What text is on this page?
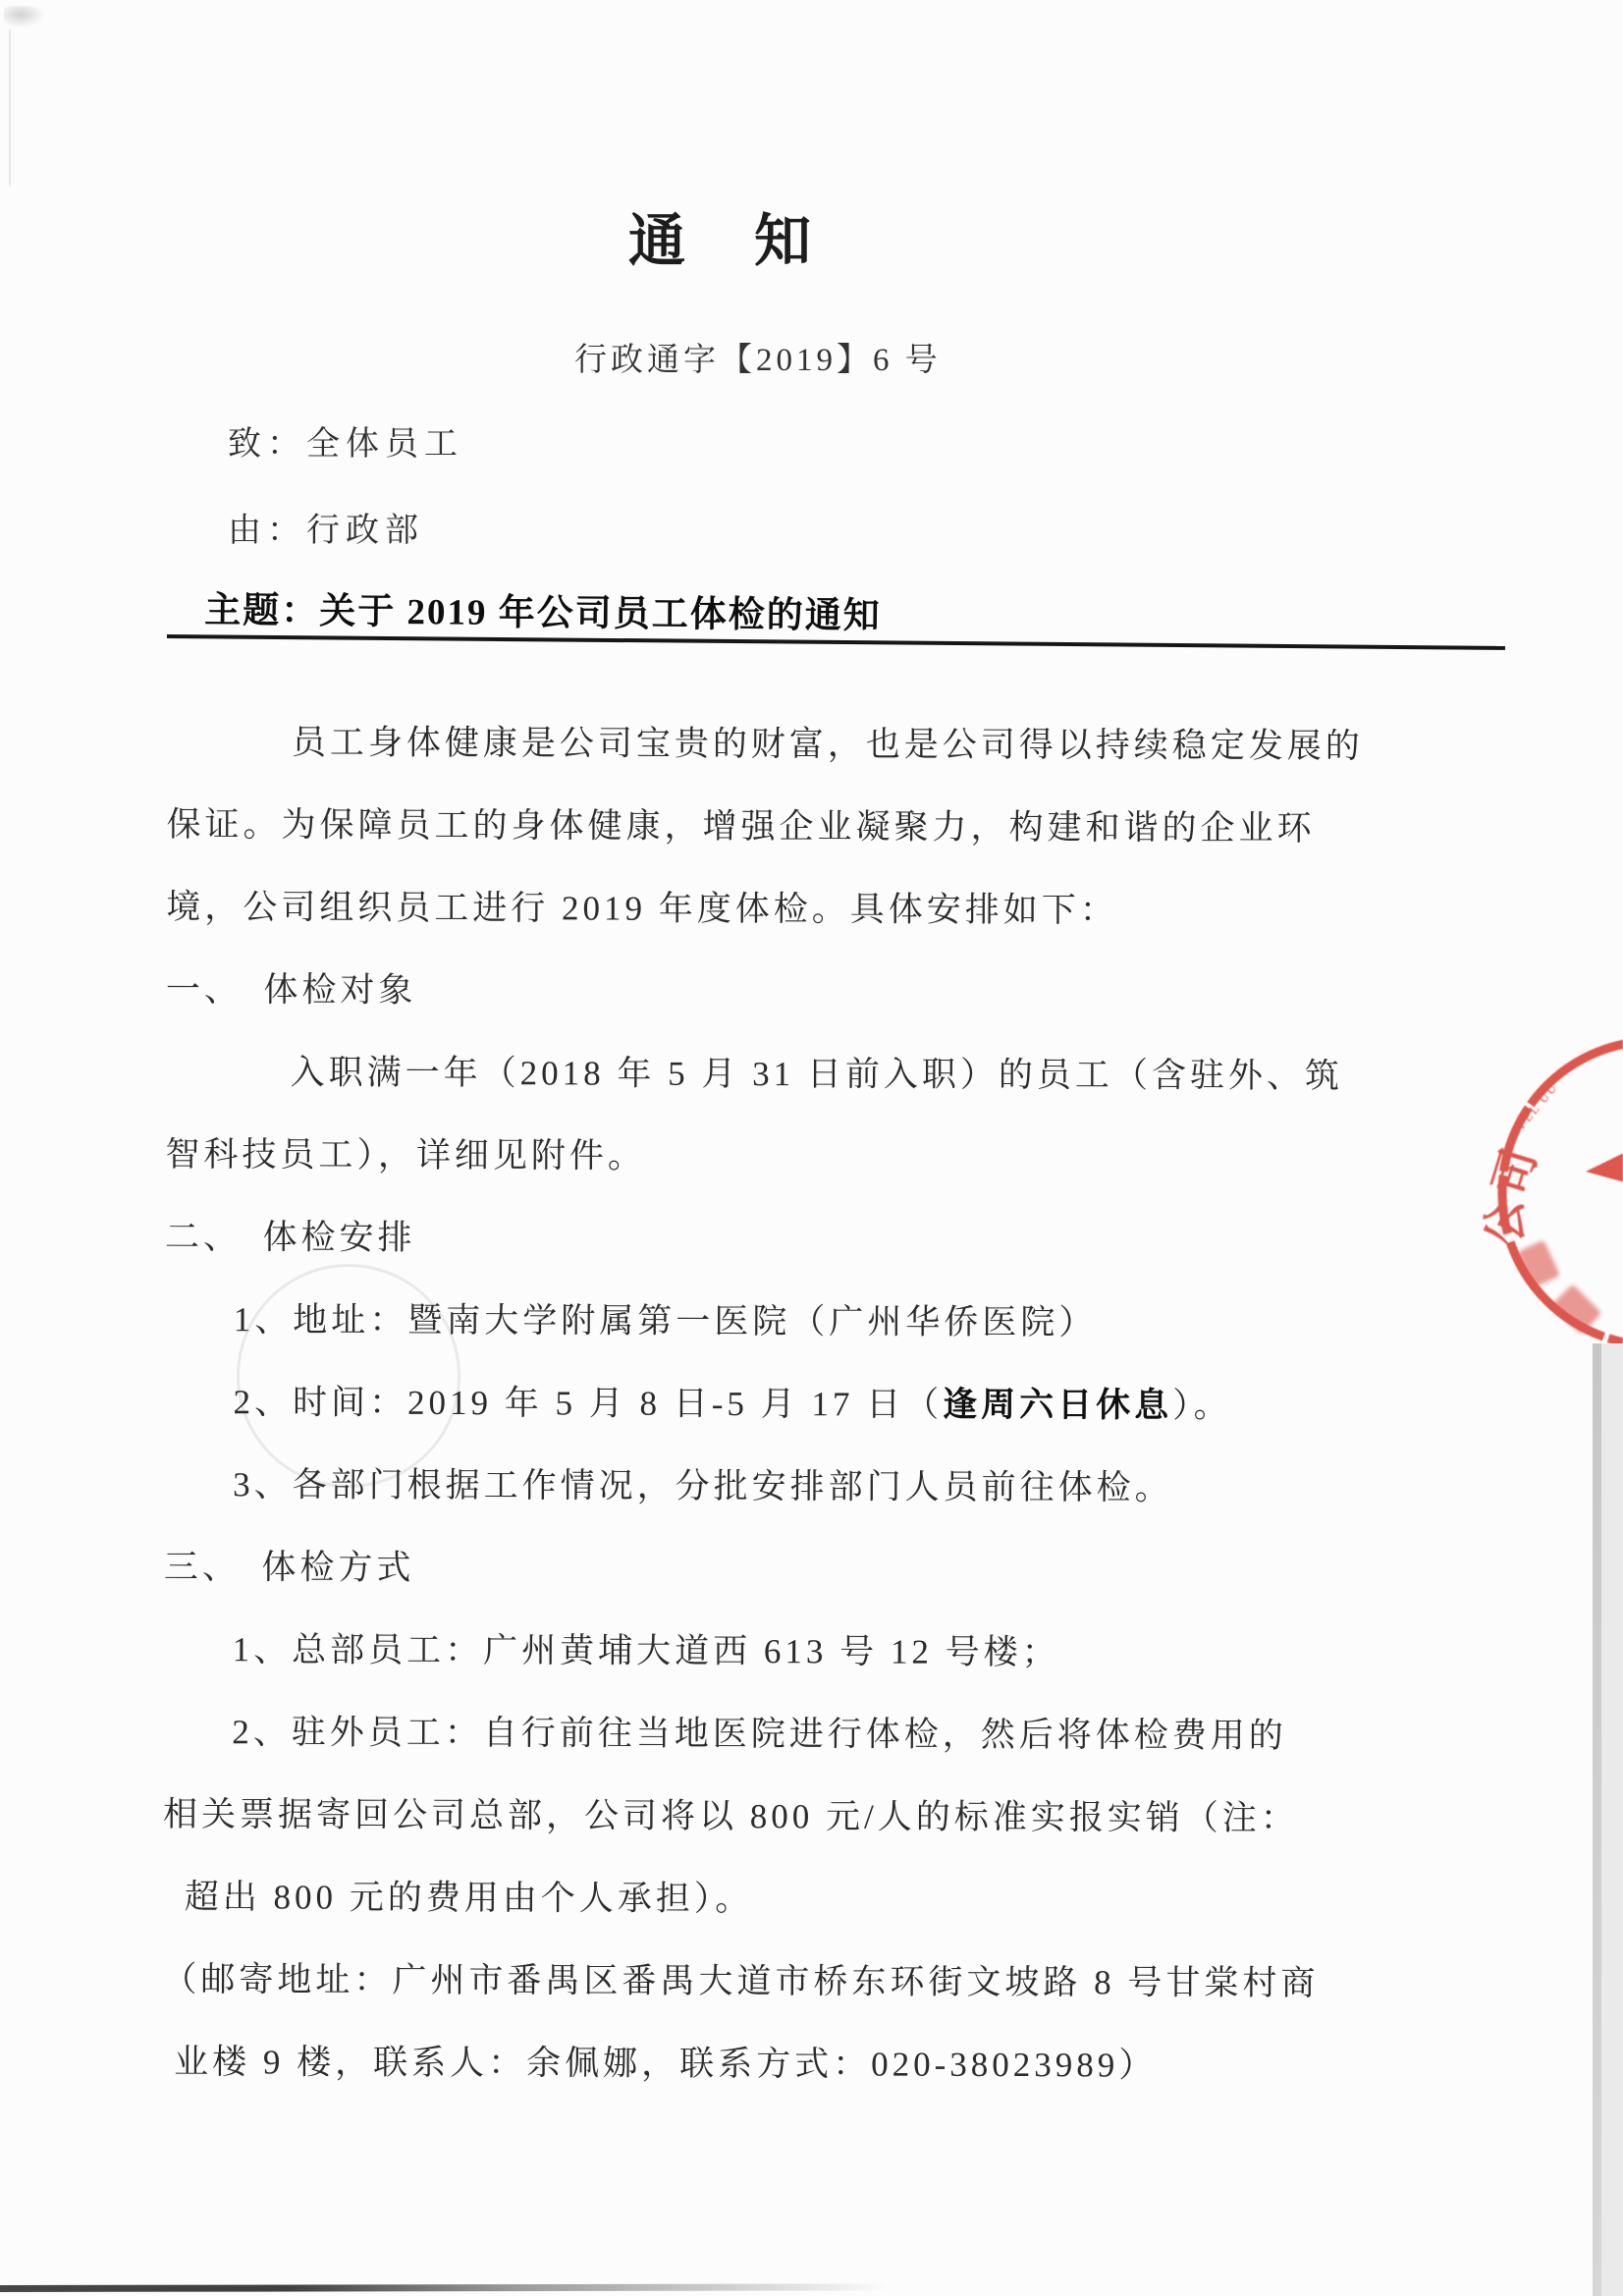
通　知
行政通字【2019】6 号
致：全体员工
由：行政部
主题：关于 2019 年公司员工体检的通知
员工身体健康是公司宝贵的财富，也是公司得以持续稳定发展的
保证。为保障员工的身体健康，增强企业凝聚力，构建和谐的企业环
境，公司组织员工进行 2019 年度体检。具体安排如下：
一、　体检对象
入职满一年（2018 年 5 月 31 日前入职）的员工（含驻外、筑
智科技员工），详细见附件。
二、　体检安排
1、地址：暨南大学附属第一医院（广州华侨医院）
2、时间：2019 年 5 月 8 日-5 月 17 日（逢周六日休息）。
3、各部门根据工作情况，分批安排部门人员前往体检。
三、　体检方式
1、总部员工：广州黄埔大道西 613 号 12 号楼；
2、驻外员工：自行前往当地医院进行体检，然后将体检费用的
相关票据寄回公司总部，公司将以 800 元/人的标准实报实销（注：
超出 800 元的费用由个人承担）。
（邮寄地址：广州市番禺区番禺大道市桥东环街文坡路 8 号甘棠村商
业楼 9 楼，联系人：余佩娜，联系方式：020-38023989）
司
公
SPEL UU
